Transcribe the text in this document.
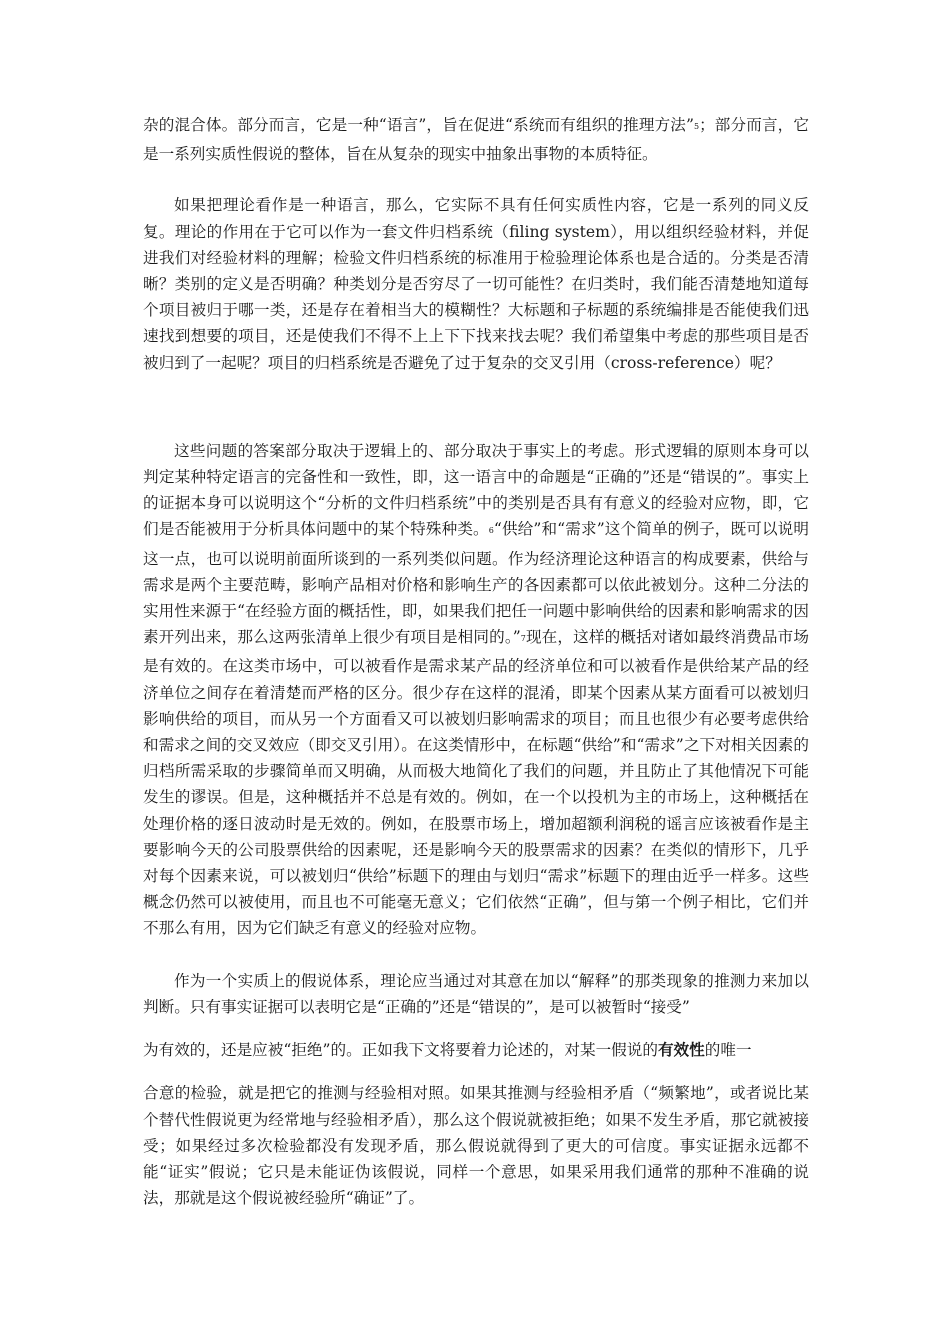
杂的混合体。部分而言，它是一种“语言”，旨在促进“系统而有组织的推理方法”5；部分而言，它是一系列实质性假说的整体，旨在从复杂的现实中抽象出事物的本质特征。

如果把理论看作是一种语言，那么，它实际不具有任何实质性内容，它是一系列的同义反复。理论的作用在于它可以作为一套文件归档系统（filing system），用以组织经验材料，并促进我们对经验材料的理解；检验文件归档系统的标准用于检验理论体系也是合适的。分类是否清晰？类别的定义是否明确？种类划分是否穷尽了一切可能性？在归类时，我们能否清楚地知道每个项目被归于哪一类，还是存在着相当大的模糊性？大标题和子标题的系统编排是否能使我们迅速找到想要的项目，还是使我们不得不上上下下找来找去呢？我们希望集中考虑的那些项目是否被归到了一起呢？项目的归档系统是否避免了过于复杂的交叉引用（cross-reference）呢？

这些问题的答案部分取决于逻辑上的、部分取决于事实上的考虑。形式逻辑的原则本身可以判定某种特定语言的完备性和一致性，即，这一语言中的命题是“正确的”还是“错误的”。事实上的证据本身可以说明这个“分析的文件归档系统”中的类别是否具有有意义的经验对应物，即，它们是否能被用于分析具体问题中的某个特殊种类。6“供给”和“需求”这个简单的例子，既可以说明这一点，也可以说明前面所谈到的一系列类似问题。作为经济理论这种语言的构成要素，供给与需求是两个主要范畴，影响产品相对价格和影响生产的各因素都可以依此被划分。这种二分法的实用性来源于“在经验方面的概括性，即，如果我们把任一问题中影响供给的因素和影响需求的因素开列出来，那么这两张清单上很少有项目是相同的。”7现在，这样的概括对诸如最终消费品市场是有效的。在这类市场中，可以被看作是需求某产品的经济单位和可以被看作是供给某产品的经济单位之间存在着清楚而严格的区分。很少存在这样的混淆，即某个因素从某方面看可以被划归影响供给的项目，而从另一个方面看又可以被划归影响需求的项目；而且也很少有必要考虑供给和需求之间的交叉效应（即交叉引用）。在这类情形中，在标题“供给”和“需求”之下对相关因素的归档所需采取的步骤简单而又明确，从而极大地简化了我们的问题，并且防止了其他情况下可能发生的谬误。但是，这种概括并不总是有效的。例如，在一个以投机为主的市场上，这种概括在处理价格的逐日波动时是无效的。例如，在股票市场上，增加超额利润税的谣言应该被看作是主要影响今天的公司股票供给的因素呢，还是影响今天的股票需求的因素？在类似的情形下，几乎对每个因素来说，可以被划归“供给”标题下的理由与划归“需求”标题下的理由近乎一样多。这些概念仍然可以被使用，而且也不可能毫无意义；它们依然“正确”，但与第一个例子相比，它们并不那么有用，因为它们缺乏有意义的经验对应物。

作为一个实质上的假说体系，理论应当通过对其意在加以“解释”的那类现象的推测力来加以判断。只有事实证据可以表明它是“正确的”还是“错误的”，是可以被暂时“接受”

为有效的，还是应被“拒绝”的。正如我下文将要着力论述的，对某一假说的有效性的唯一

合意的检验，就是把它的推测与经验相对照。如果其推测与经验相矛盾（“频繁地”，或者说比某个替代性假说更为经常地与经验相矛盾），那么这个假说就被拒绝；如果不发生矛盾，那它就被接受；如果经过多次检验都没有发现矛盾，那么假说就得到了更大的可信度。事实证据永远都不能“证实”假说；它只是未能证伪该假说，同样一个意思，如果采用我们通常的那种不准确的说法，那就是这个假说被经验所“确证”了。
